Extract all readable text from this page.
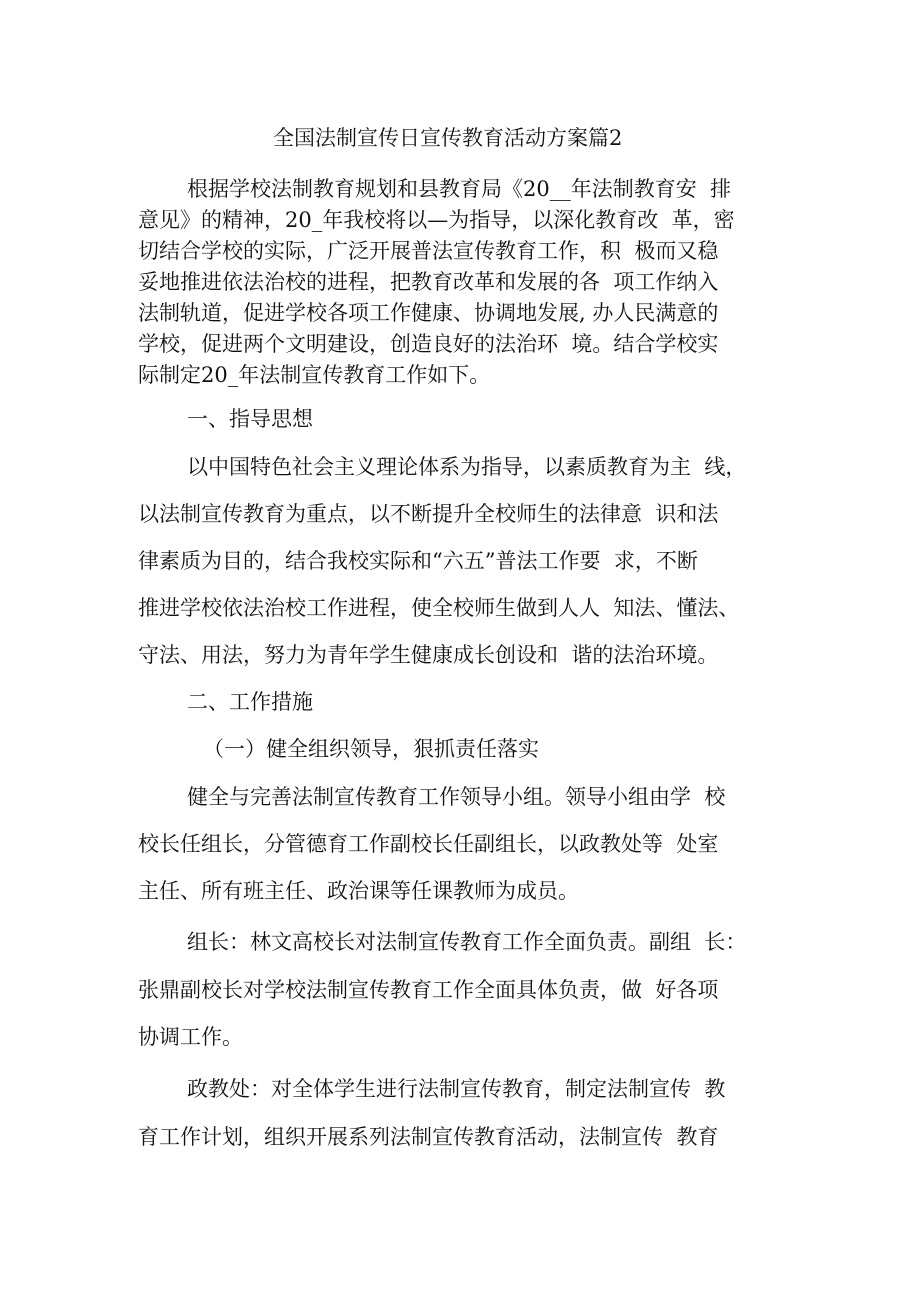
全国法制宣传日宣传教育活动方案篇2
根据学校法制教育规划和县教育局《20__年法制教育安  排
意见》的精神，20_年我校将以—为指导，以深化教育改  革，密
切结合学校的实际，广泛开展普法宣传教育工作，积  极而又稳
妥地推进依法治校的进程，把教育改革和发展的各  项工作纳入
法制轨道，促进学校各项工作健康、协调地发展, 办人民满意的
学校，促进两个文明建设，创造良好的法治环  境。结合学校实
际制定20_年法制宣传教育工作如下。
一、指导思想
以中国特色社会主义理论体系为指导，以素质教育为主  线，
以法制宣传教育为重点，以不断提升全校师生的法律意  识和法
律素质为目的，结合我校实际和“六五”普法工作要  求，不断
推进学校依法治校工作进程，使全校师生做到人人  知法、懂法、
守法、用法，努力为青年学生健康成长创设和  谐的法治环境。
二、工作措施
（一）健全组织领导，狠抓责任落实
健全与完善法制宣传教育工作领导小组。领导小组由学  校
校长任组长，分管德育工作副校长任副组长，以政教处等  处室
主任、所有班主任、政治课等任课教师为成员。
组长：林文高校长对法制宣传教育工作全面负责。副组  长：
张鼎副校长对学校法制宣传教育工作全面具体负责，做  好各项
协调工作。
政教处：对全体学生进行法制宣传教育，制定法制宣传  教
育工作计划，组织开展系列法制宣传教育活动，法制宣传  教育
